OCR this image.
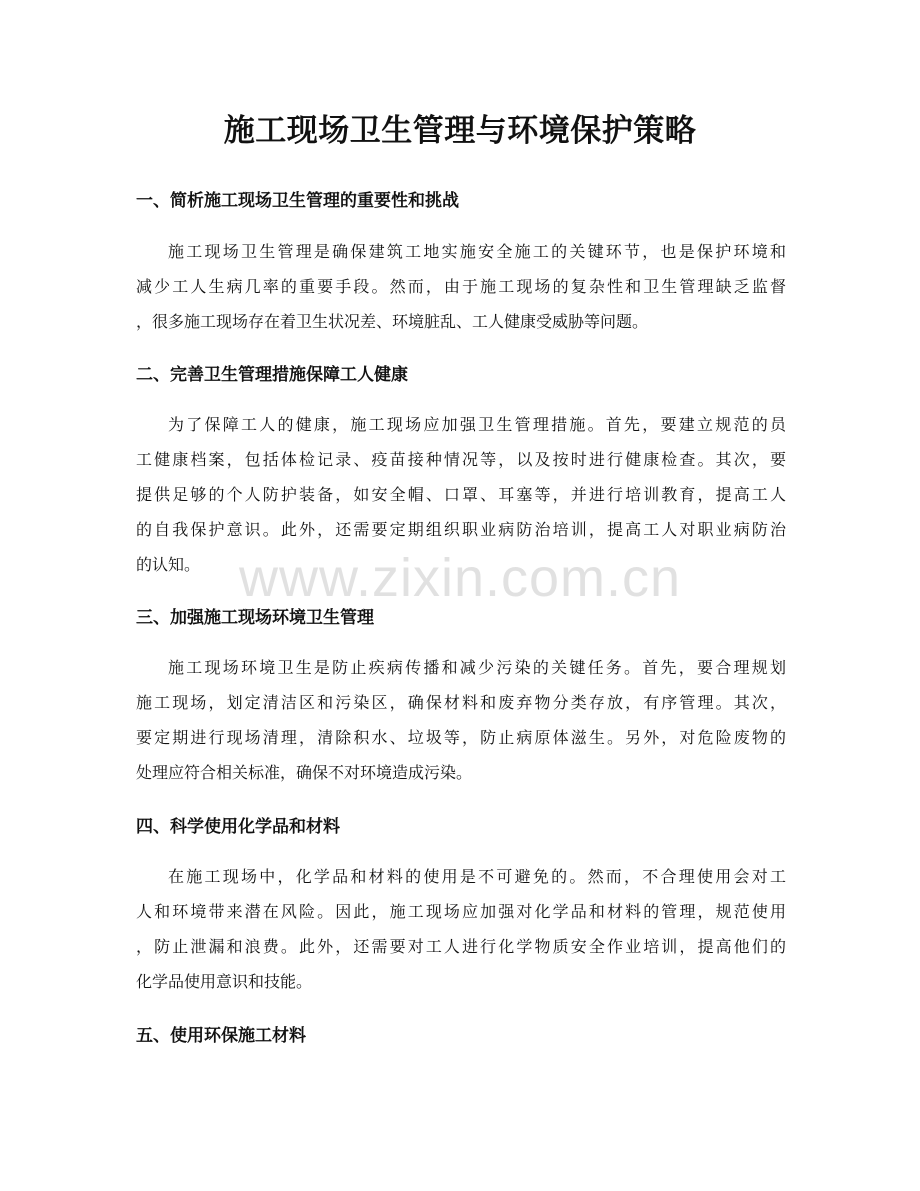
施工现场卫生管理与环境保护策略
一、简析施工现场卫生管理的重要性和挑战

施工现场卫生管理是确保建筑工地实施安全施工的关键环节，也是保护环境和

减少工人生病几率的重要手段。然而，由于施工现场的复杂性和卫生管理缺乏监督

，很多施工现场存在着卫生状况差、环境脏乱、工人健康受威胁等问题。

二、完善卫生管理措施保障工人健康

为了保障工人的健康，施工现场应加强卫生管理措施。首先，要建立规范的员

工健康档案，包括体检记录、疫苗接种情况等，以及按时进行健康检查。其次，要

提供足够的个人防护装备，如安全帽、口罩、耳塞等，并进行培训教育，提高工人

的自我保护意识。此外，还需要定期组织职业病防治培训，提高工人对职业病防治

的认知。

三、加强施工现场环境卫生管理

施工现场环境卫生是防止疾病传播和减少污染的关键任务。首先，要合理规划

施工现场，划定清洁区和污染区，确保材料和废弃物分类存放，有序管理。其次，

要定期进行现场清理，清除积水、垃圾等，防止病原体滋生。另外，对危险废物的

处理应符合相关标准，确保不对环境造成污染。

四、科学使用化学品和材料

在施工现场中，化学品和材料的使用是不可避免的。然而，不合理使用会对工

人和环境带来潜在风险。因此，施工现场应加强对化学品和材料的管理，规范使用

，防止泄漏和浪费。此外，还需要对工人进行化学物质安全作业培训，提高他们的

化学品使用意识和技能。

五、使用环保施工材料
www.zixin.com.cn
